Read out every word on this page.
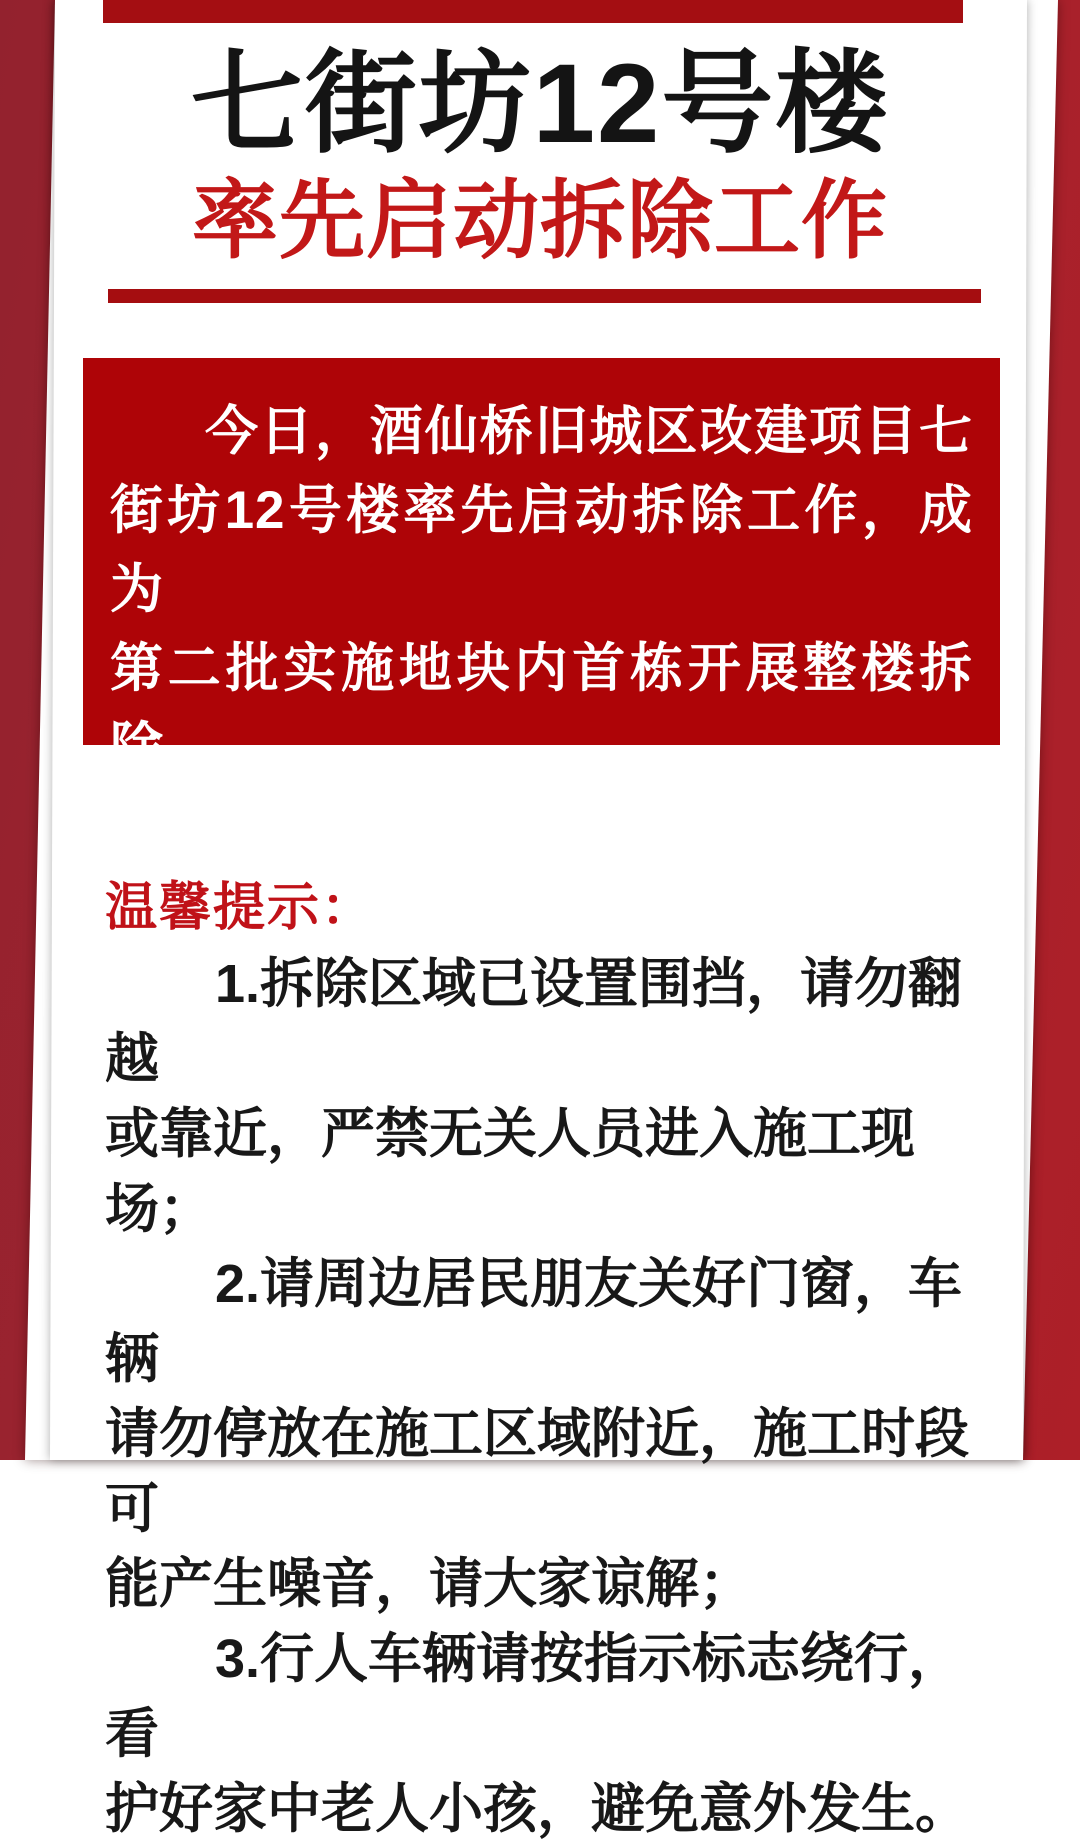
七街坊12号楼
率先启动拆除工作
今日，酒仙桥旧城区改建项目七
街坊12号楼率先启动拆除工作，成为
第二批实施地块内首栋开展整楼拆除
的楼栋！
温馨提示：
1.拆除区域已设置围挡，请勿翻越
或靠近，严禁无关人员进入施工现场；
2.请周边居民朋友关好门窗，车辆
请勿停放在施工区域附近，施工时段可
能产生噪音，请大家谅解；
3.行人车辆请按指示标志绕行，看
护好家中老人小孩，避免意外发生。
